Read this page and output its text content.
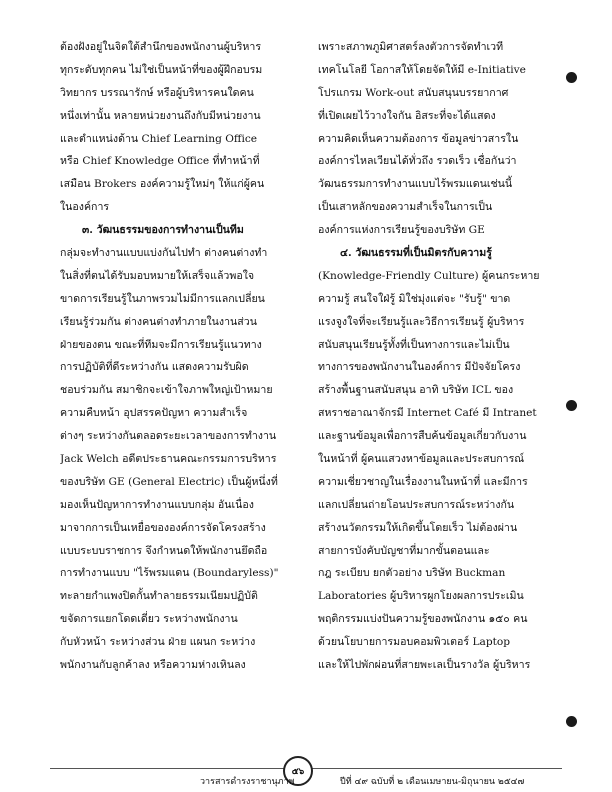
ต้องฝังอยู่ในจิตใต้สำนึกของพนักงานผู้บริหาร
ทุกระดับทุกคน ไม่ใช่เป็นหน้าที่ของผู้ฝึกอบรม
วิทยากร บรรณารักษ์ หรือผู้บริหารคนใดคน
หนึ่งเท่านั้น หลายหน่วยงานถึงกับมีหน่วยงาน
และตำแหน่งด้าน Chief Learning Office
หรือ Chief Knowledge Office ที่ทำหน้าที่
เสมือน Brokers องค์ความรู้ใหม่ๆ ให้แก่ผู้คน
ในองค์การ
๓. วัฒนธรรมของการทำงานเป็นทีม
กลุ่มจะทำงานแบบแบ่งกันไปทำ ต่างคนต่างทำ
ในสิ่งที่ตนได้รับมอบหมายให้เสร็จแล้วพอใจ
ขาดการเรียนรู้ในภาพรวมไม่มีการแลกเปลี่ยน
เรียนรู้ร่วมกัน ต่างคนต่างทำภายในงานส่วน
ฝ่ายของตน ขณะที่ทีมจะมีการเรียนรู้แนวทาง
การปฏิบัติที่ดีระหว่างกัน แสดงความรับผิด
ชอบร่วมกัน สมาชิกจะเข้าใจภาพใหญ่เป้าหมาย
ความคืบหน้า อุปสรรคปัญหา ความสำเร็จ
ต่างๆ ระหว่างกันตลอดระยะเวลาของการทำงาน
Jack Welch อดีตประธานคณะกรรมการบริหาร
ของบริษัท GE (General Electric) เป็นผู้หนึ่งที่
มองเห็นปัญหาการทำงานแบบกลุ่ม อันเนื่อง
มาจากการเป็นเหยื่อขององค์การจัดโครงสร้าง
แบบระบบราชการ จึงกำหนดให้พนักงานยึดถือ
การทำงานแบบ "ไร้พรมแดน (Boundaryless)"
ทะลายกำแพงปิดกั้นทำลายธรรมเนียมปฏิบัติ
ขจัดการแยกโดดเดี่ยว ระหว่างพนักงาน
กับหัวหน้า ระหว่างส่วน ฝ่าย แผนก ระหว่าง
พนักงานกับลูกค้าลง หรือความห่างเหินลง
เพราะสภาพภูมิศาสตร์ลงตัวการจัดทำเวที
เทคโนโลยี โอกาสให้โดยจัดให้มี e-Initiative
โปรแกรม Work-out สนับสนุนบรรยากาศ
ที่เปิดเผยไว้วางใจกัน อิสระที่จะได้แสดง
ความคิดเห็นความต้องการ ข้อมูลข่าวสารใน
องค์การไหลเวียนได้ทั่วถึง รวดเร็ว เชื่อกันว่า
วัฒนธรรมการทำงานแบบไร้พรมแดนเช่นนี้
เป็นเสาหลักของความสำเร็จในการเป็น
องค์การแห่งการเรียนรู้ของบริษัท GE
๔. วัฒนธรรมที่เป็นมิตรกับความรู้
(Knowledge-Friendly Culture) ผู้คนกระหาย
ความรู้ สนใจใฝ่รู้ มิใช่มุ่งแต่จะ "รับรู้" ขาด
แรงจูงใจที่จะเรียนรู้และวิธีการเรียนรู้ ผู้บริหาร
สนับสนุนเรียนรู้ทั้งที่เป็นทางการและไม่เป็น
ทางการของพนักงานในองค์การ มีปัจจัยโครง
สร้างพื้นฐานสนับสนุน อาทิ บริษัท ICL ของ
สหราชอาณาจักรมี Internet Café มี Intranet
และฐานข้อมูลเพื่อการสืบค้นข้อมูลเกี่ยวกับงาน
ในหน้าที่ ผู้คนแสวงหาข้อมูลและประสบการณ์
ความเชี่ยวชาญในเรื่องงานในหน้าที่ และมีการ
แลกเปลี่ยนถ่ายโอนประสบการณ์ระหว่างกัน
สร้างนวัตกรรมให้เกิดขึ้นโดยเร็ว ไม่ต้องผ่าน
สายการบังคับบัญชาที่มากขั้นตอนและ
กฎ ระเบียบ ยกตัวอย่าง บริษัท Buckman
Laboratories ผู้บริหารผูกโยงผลการประเมิน
พฤติกรรมแบ่งปันความรู้ของพนักงาน ๑๕๐ คน
ด้วยนโยบายการมอบคอมพิวเตอร์ Laptop
และให้ไปพักผ่อนที่สายพะเลเป็นรางวัล ผู้บริหาร
๕๖
วารสารดำรงราชานุภาพ	ปีที่ ๔๙ ฉบับที่ ๒ เดือนเมษายน-มิถุนายน ๒๕๔๗
